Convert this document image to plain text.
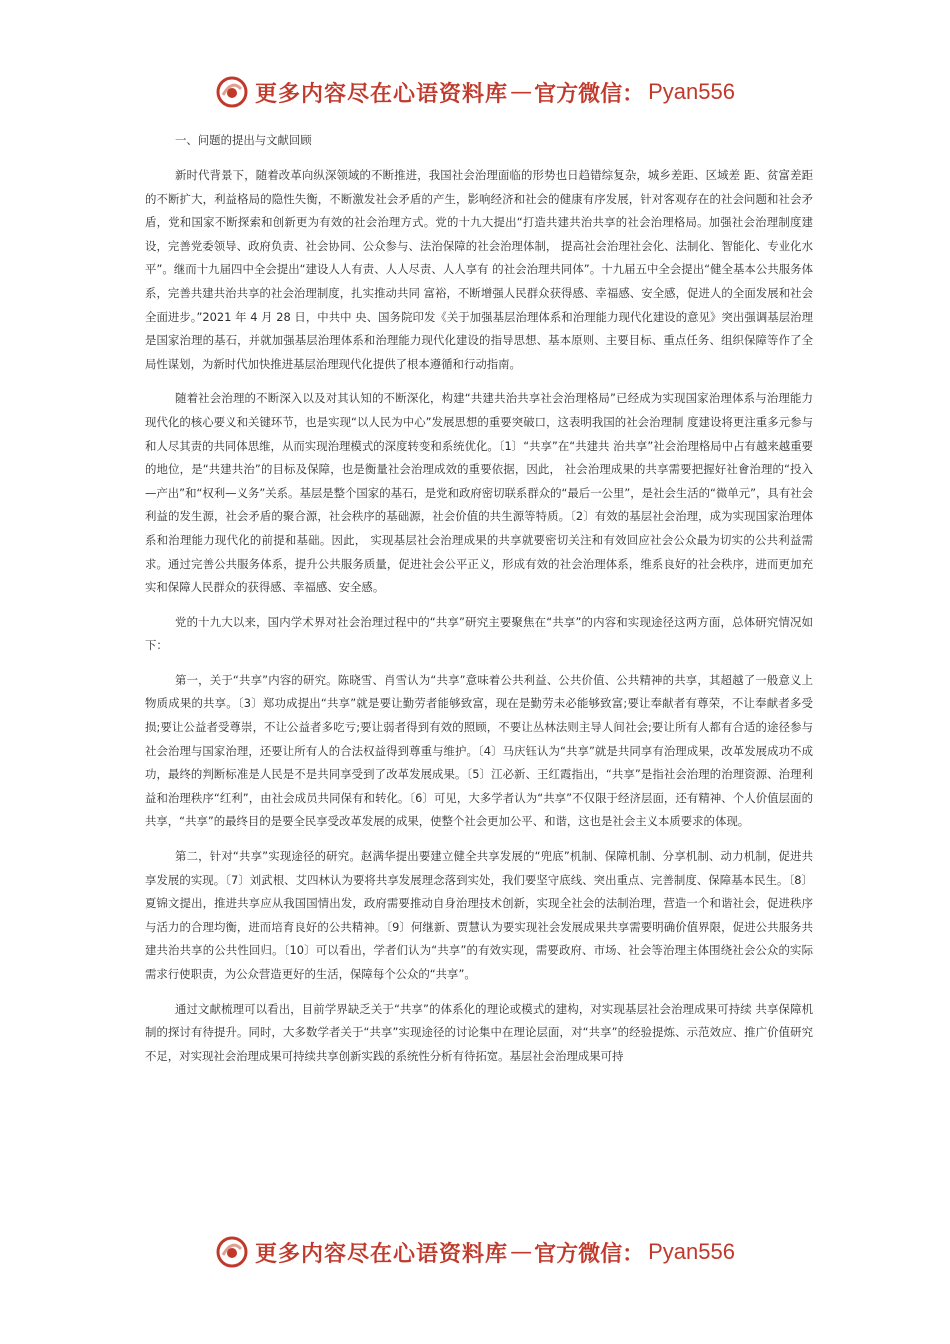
更多内容尽在心语资料库 — 官方微信： Pyan556
一、问题的提出与文献回顾

新时代背景下，随着改革向纵深领域的不断推进，我国社会治理面临的形势也日趋错综复杂，城乡差距、区域差 距、贫富差距的不断扩大，利益格局的隐性失衡，不断激发社会矛盾的产生，影响经济和社会的健康有序发展，针对客观存在的社会问题和社会矛盾，党和国家不断探索和创新更为有效的社会治理方式。党的十九大提出“打造共建共治共享的社会治理格局。加强社会治理制度建设，完善党委领导、政府负责、社会协同、公众参与、法治保障的社会治理体制， 提高社会治理社会化、法制化、智能化、专业化水平”。继而十九届四中全会提出“建设人人有责、人人尽责、人人享有 的社会治理共同体”。十九届五中全会提出“健全基本公共服务体系，完善共建共治共享的社会治理制度，扎实推动共同 富裕，不断增强人民群众获得感、幸福感、安全感，促进人的全面发展和社会全面进步。”2021 年 4 月 28 日，中共中 央、国务院印发《关于加强基层治理体系和治理能力现代化建设的意见》突出强调基层治理是国家治理的基石，并就加强基层治理体系和治理能力现代化建设的指导思想、基本原则、主要目标、重点任务、组织保障等作了全局性谋划，为新时代加快推进基层治理现代化提供了根本遵循和行动指南。

随着社会治理的不断深入以及对其认知的不断深化，构建“共建共治共享社会治理格局”已经成为实现国家治理体系与治理能力现代化的核心要义和关键环节，也是实现“以人民为中心”发展思想的重要突破口，这表明我国的社会治理制 度建设将更注重多元参与和人尽其责的共同体思维，从而实现治理模式的深度转变和系统优化。〔1〕“共享”在“共建共 治共享”社会治理格局中占有越来越重要的地位，是“共建共治”的目标及保障，也是衡量社会治理成效的重要依据，因此， 社会治理成果的共享需要把握好社會治理的“投入—产出”和“权利—义务”关系。基层是整个国家的基石，是党和政府密切联系群众的“最后一公里”，是社会生活的“微单元”，具有社会利益的发生源，社会矛盾的聚合源，社会秩序的基础源，社会价值的共生源等特质。〔2〕有效的基层社会治理，成为实现国家治理体系和治理能力现代化的前提和基础。因此， 实现基层社会治理成果的共享就要密切关注和有效回应社会公众最为切实的公共利益需求。通过完善公共服务体系，提升公共服务质量，促进社会公平正义，形成有效的社会治理体系，维系良好的社会秩序，进而更加充实和保障人民群众的获得感、幸福感、安全感。

党的十九大以来，国内学术界对社会治理过程中的“共享”研究主要聚焦在“共享”的内容和实现途径这两方面，总体研究情况如下：

第一，关于“共享”内容的研究。陈晓雪、肖雪认为“共享”意味着公共利益、公共价值、公共精神的共享，其超越了一般意义上物质成果的共享。〔3〕郑功成提出“共享”就是要让勤劳者能够致富，现在是勤劳未必能够致富;要让奉献者有尊荣，不让奉献者多受损;要让公益者受尊崇，不让公益者多吃亏;要让弱者得到有效的照顾，不要让丛林法则主导人间社会;要让所有人都有合适的途径参与社会治理与国家治理，还要让所有人的合法权益得到尊重与维护。〔4〕马庆钰认为“共享”就是共同享有治理成果，改革发展成功不成功，最终的判断标准是人民是不是共同享受到了改革发展成果。〔5〕江必新、王红霞指出，“共享”是指社会治理的治理资源、治理利益和治理秩序“红利”，由社会成员共同保有和转化。〔6〕可见，大多学者认为“共享”不仅限于经济层面，还有精神、个人价值层面的共享，“共享”的最终目的是要全民享受改革发展的成果，使整个社会更加公平、和谐，这也是社会主义本质要求的体现。

第二，针对“共享”实现途径的研究。赵满华提出要建立健全共享发展的“兜底”机制、保障机制、分享机制、动力机制，促进共享发展的实现。〔7〕刘武根、艾四林认为要将共享发展理念落到实处，我们要坚守底线、突出重点、完善制度、保障基本民生。〔8〕夏锦文提出，推进共享应从我国国情出发，政府需要推动自身治理技术创新，实现全社会的法制治理，营造一个和谐社会，促进秩序与活力的合理均衡，进而培育良好的公共精神。〔9〕何继新、贾慧认为要实现社会发展成果共享需要明确价值界限，促进公共服务共建共治共享的公共性回归。〔10〕可以看出，学者们认为“共享”的有效实现，需要政府、市场、社会等治理主体围绕社会公众的实际需求行使职责，为公众营造更好的生活，保障每个公众的“共享”。

通过文献梳理可以看出，目前学界缺乏关于“共享”的体系化的理论或模式的建构，对实现基层社会治理成果可持续 共享保障机制的探讨有待提升。同时，大多数学者关于“共享”实现途径的讨论集中在理论层面，对“共享”的经验提炼、示范效应、推广价值研究不足，对实现社会治理成果可持续共享创新实践的系统性分析有待拓宽。基层社会治理成果可持

更多内容尽在心语资料库 — 官方微信： Pyan556
